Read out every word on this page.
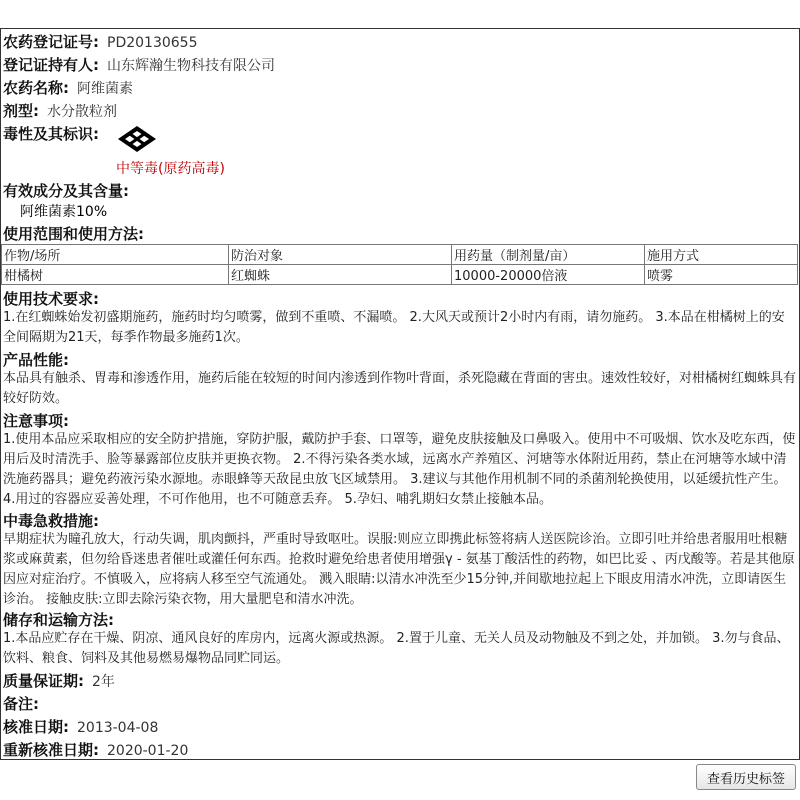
农药登记证号: PD20130655
登记证持有人: 山东辉瀚生物科技有限公司
农药名称: 阿维菌素
剂型: 水分散粒剂
毒性及其标识:
中等毒(原药高毒)
有效成分及其含量:
阿维菌素10%
使用范围和使用方法:
作物/场所	防治对象	用药量（制剂量/亩）	施用方式
柑橘树	红蜘蛛	10000-20000倍液	喷雾
使用技术要求:
1.在红蜘蛛始发初盛期施药，施药时均匀喷雾，做到不重喷、不漏喷。 2.大风天或预计2小时内有雨，请勿施药。 3.本品在柑橘树上的安全间隔期为21天，每季作物最多施药1次。
产品性能:
本品具有触杀、胃毒和渗透作用，施药后能在较短的时间内渗透到作物叶背面，杀死隐藏在背面的害虫。速效性较好，对柑橘树红蜘蛛具有较好防效。
注意事项:
1.使用本品应采取相应的安全防护措施，穿防护服，戴防护手套、口罩等，避免皮肤接触及口鼻吸入。使用中不可吸烟、饮水及吃东西，使用后及时清洗手、脸等暴露部位皮肤并更换衣物。 2.不得污染各类水域，远离水产养殖区、河塘等水体附近用药，禁止在河塘等水域中清洗施药器具；避免药液污染水源地。赤眼蜂等天敌昆虫放飞区域禁用。 3.建议与其他作用机制不同的杀菌剂轮换使用，以延缓抗性产生。 4.用过的容器应妥善处理，不可作他用，也不可随意丢弃。 5.孕妇、哺乳期妇女禁止接触本品。
中毒急救措施:
早期症状为瞳孔放大，行动失调，肌肉颤抖，严重时导致呕吐。误服:则应立即携此标签将病人送医院诊治。立即引吐并给患者服用吐根糖浆或麻黄素，但勿给昏迷患者催吐或灌任何东西。抢救时避免给患者使用增强γ - 氨基丁酸活性的药物，如巴比妥 、丙戊酸等。若是其他原因应对症治疗。不慎吸入，应将病人移至空气流通处。 溅入眼睛:以清水冲洗至少15分钟,并间歇地拉起上下眼皮用清水冲洗，立即请医生诊治。 接触皮肤:立即去除污染衣物，用大量肥皂和清水冲洗。
储存和运输方法:
1.本品应贮存在干燥、阴凉、通风良好的库房内，远离火源或热源。 2.置于儿童、无关人员及动物触及不到之处，并加锁。 3.勿与食品、饮料、粮食、饲料及其他易燃易爆物品同贮同运。
质量保证期: 2年
备注:
核准日期: 2013-04-08
重新核准日期: 2020-01-20
查看历史标签
